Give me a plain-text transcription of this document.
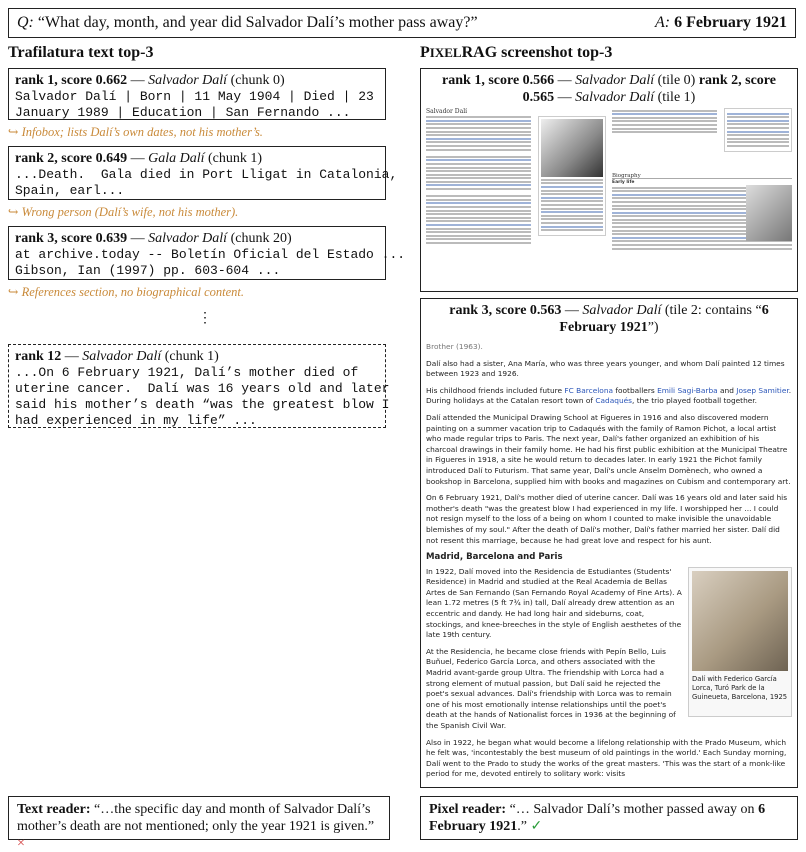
Q: “What day, month, and year did Salvador Dalí’s mother pass away?”	A: 6 February 1921
Trafilatura text top-3
rank 1, score 0.662 — Salvador Dalí (chunk 0)
Salvador Dalí | Born | 11 May 1904 | Died | 23
January 1989 | Education | San Fernando ...
↪ Infobox; lists Dalí’s own dates, not his mother’s.
rank 2, score 0.649 — Gala Dalí (chunk 1)
...Death.  Gala died in Port Lligat in Catalonia,
Spain, earl...
↪ Wrong person (Dalí’s wife, not his mother).
rank 3, score 0.639 — Salvador Dalí (chunk 20)
at archive.today -- Boletín Oficial del Estado ...
Gibson, Ian (1997) pp. 603-604 ...
↪ References section, no biographical content.
⋮
rank 12 — Salvador Dalí (chunk 1)
...On 6 February 1921, Dalí’s mother died of
uterine cancer.  Dalí was 16 years old and later
said his mother’s death “was the greatest blow I
had experienced in my life” ...
PIXELRAG screenshot top-3
rank 1, score 0.566 — Salvador Dalí (tile 0) rank 2, score 0.565 — Salvador Dalí (tile 1)
Salvador Dalí
Biography
Early life
rank 3, score 0.563 — Salvador Dalí (tile 2: contains “6 February 1921”)

Brother (1963).

Dalí also had a sister, Ana María, who was three years younger, and whom Dalí painted 12 times between 1923 and 1926.

His childhood friends included future FC Barcelona footballers Emili Sagi-Barba and Josep Samitier. During holidays at the Catalan resort town of Cadaqués, the trio played football together.

Dalí attended the Municipal Drawing School at Figueres in 1916 and also discovered modern painting on a summer vacation trip to Cadaqués with the family of Ramon Pichot, a local artist who made regular trips to Paris. The next year, Dalí's father organized an exhibition of his charcoal drawings in their family home. He had his first public exhibition at the Municipal Theatre in Figueres in 1918, a site he would return to decades later. In early 1921 the Pichot family introduced Dalí to Futurism. That same year, Dalí's uncle Anselm Domènech, who owned a bookshop in Barcelona, supplied him with books and magazines on Cubism and contemporary art.

On 6 February 1921, Dalí's mother died of uterine cancer. Dalí was 16 years old and later said his mother's death "was the greatest blow I had experienced in my life. I worshipped her ... I could not resign myself to the loss of a being on whom I counted to make invisible the unavoidable blemishes of my soul." After the death of Dalí's mother, Dalí's father married her sister. Dalí did not resent this marriage, because he had great love and respect for his aunt.

Madrid, Barcelona and Paris
Dalí with Federico García Lorca, Turó Park de la Guineueta, Barcelona, 1925

In 1922, Dalí moved into the Residencia de Estudiantes (Students' Residence) in Madrid and studied at the Real Academia de Bellas Artes de San Fernando (San Fernando Royal Academy of Fine Arts). A lean 1.72 metres (5 ft 7¾ in) tall, Dalí already drew attention as an eccentric and dandy. He had long hair and sideburns, coat, stockings, and knee-breeches in the style of English aesthetes of the late 19th century.

At the Residencia, he became close friends with Pepín Bello, Luis Buñuel, Federico García Lorca, and others associated with the Madrid avant-garde group Ultra. The friendship with Lorca had a strong element of mutual passion, but Dalí said he rejected the poet's sexual advances. Dalí's friendship with Lorca was to remain one of his most emotionally intense relationships until the poet's death at the hands of Nationalist forces in 1936 at the beginning of the Spanish Civil War.

Also in 1922, he began what would become a lifelong relationship with the Prado Museum, which he felt was, 'incontestably the best museum of old paintings in the world.' Each Sunday morning, Dalí went to the Prado to study the works of the great masters. 'This was the start of a monk-like period for me, devoted entirely to solitary work: visits

Text reader: “…the specific day and month of Salvador Dalí’s mother’s death are not mentioned; only the year 1921 is given.” ×
Pixel reader: “… Salvador Dalí’s mother passed away on 6 February 1921.” ✓
